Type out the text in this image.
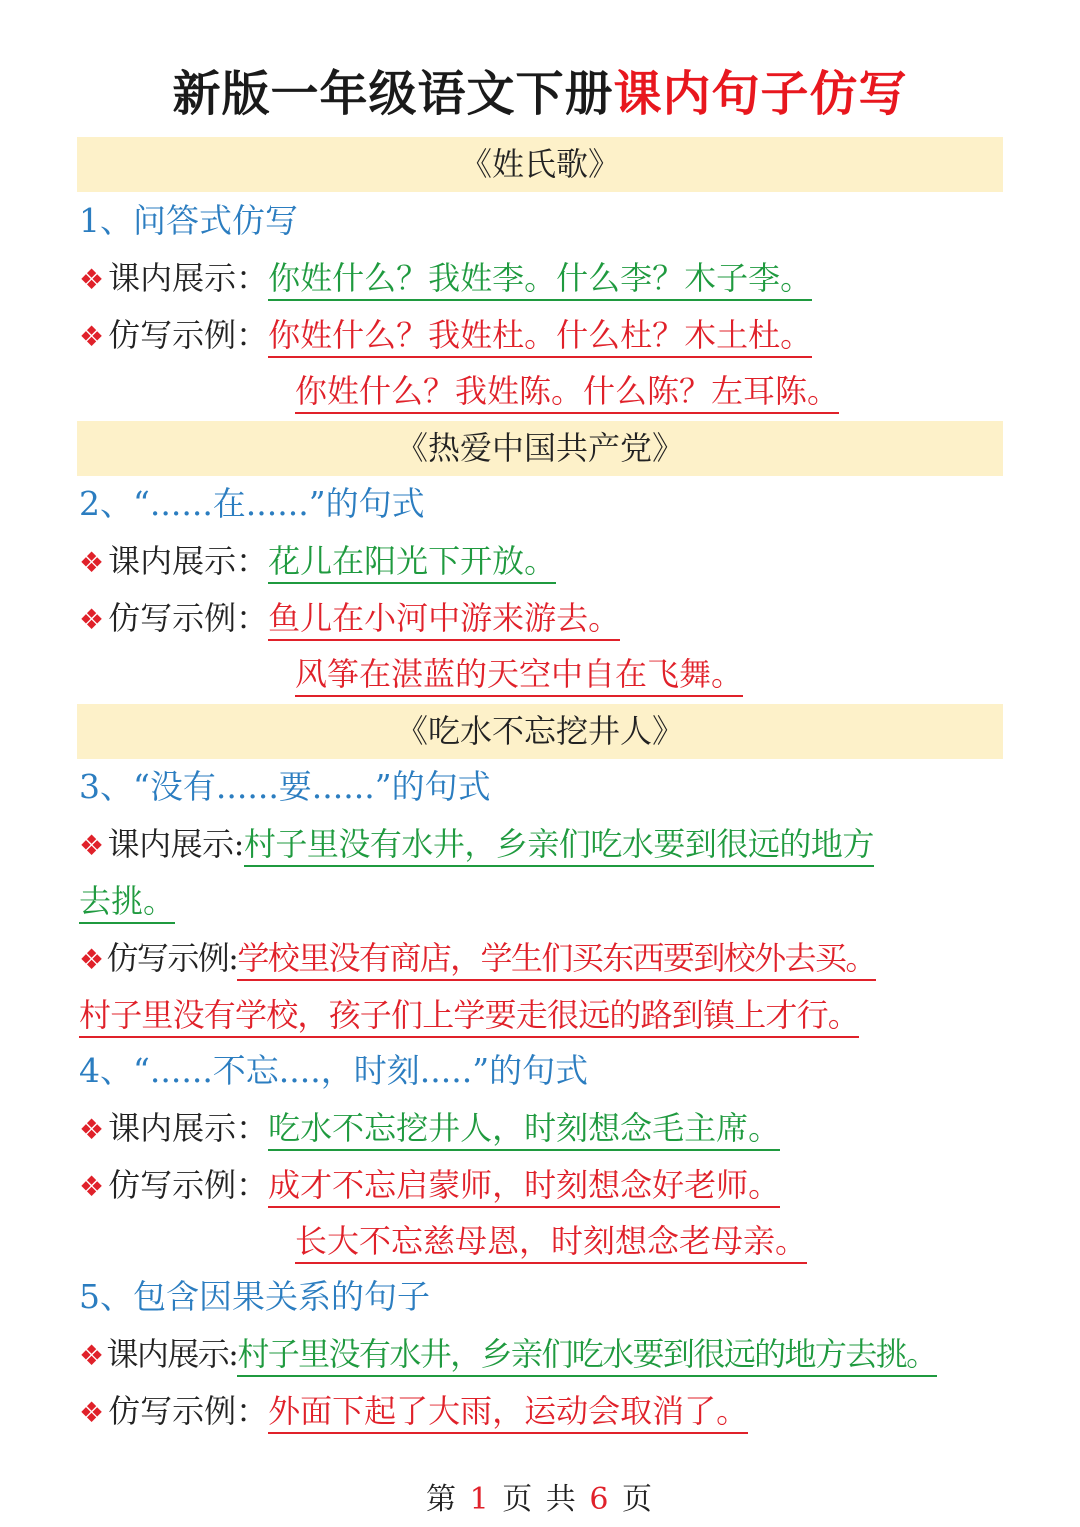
新版一年级语文下册课内句子仿写
《姓氏歌》
1、问答式仿写
❖ 课内展示：你姓什么？我姓李。什么李？木子李。
❖ 仿写示例：你姓什么？我姓杜。什么杜？木土杜。
你姓什么？我姓陈。什么陈？左耳陈。
《热爱中国共产党》
2、“......在......”的句式
❖ 课内展示：花儿在阳光下开放。
❖ 仿写示例：鱼儿在小河中游来游去。
风筝在湛蓝的天空中自在飞舞。
《吃水不忘挖井人》
3、“没有......要......”的句式
❖ 课内展示:村子里没有水井，乡亲们吃水要到很远的地方
去挑。
❖ 仿写示例:学校里没有商店，学生们买东西要到校外去买。
村子里没有学校，孩子们上学要走很远的路到镇上才行。
4、“......不忘....，时刻.....”的句式
❖ 课内展示：吃水不忘挖井人，时刻想念毛主席。
❖ 仿写示例：成才不忘启蒙师，时刻想念好老师。
长大不忘慈母恩，时刻想念老母亲。
5、包含因果关系的句子
❖ 课内展示:村子里没有水井，乡亲们吃水要到很远的地方去挑。
❖ 仿写示例：外面下起了大雨，运动会取消了。
第 1 页 共 6 页
